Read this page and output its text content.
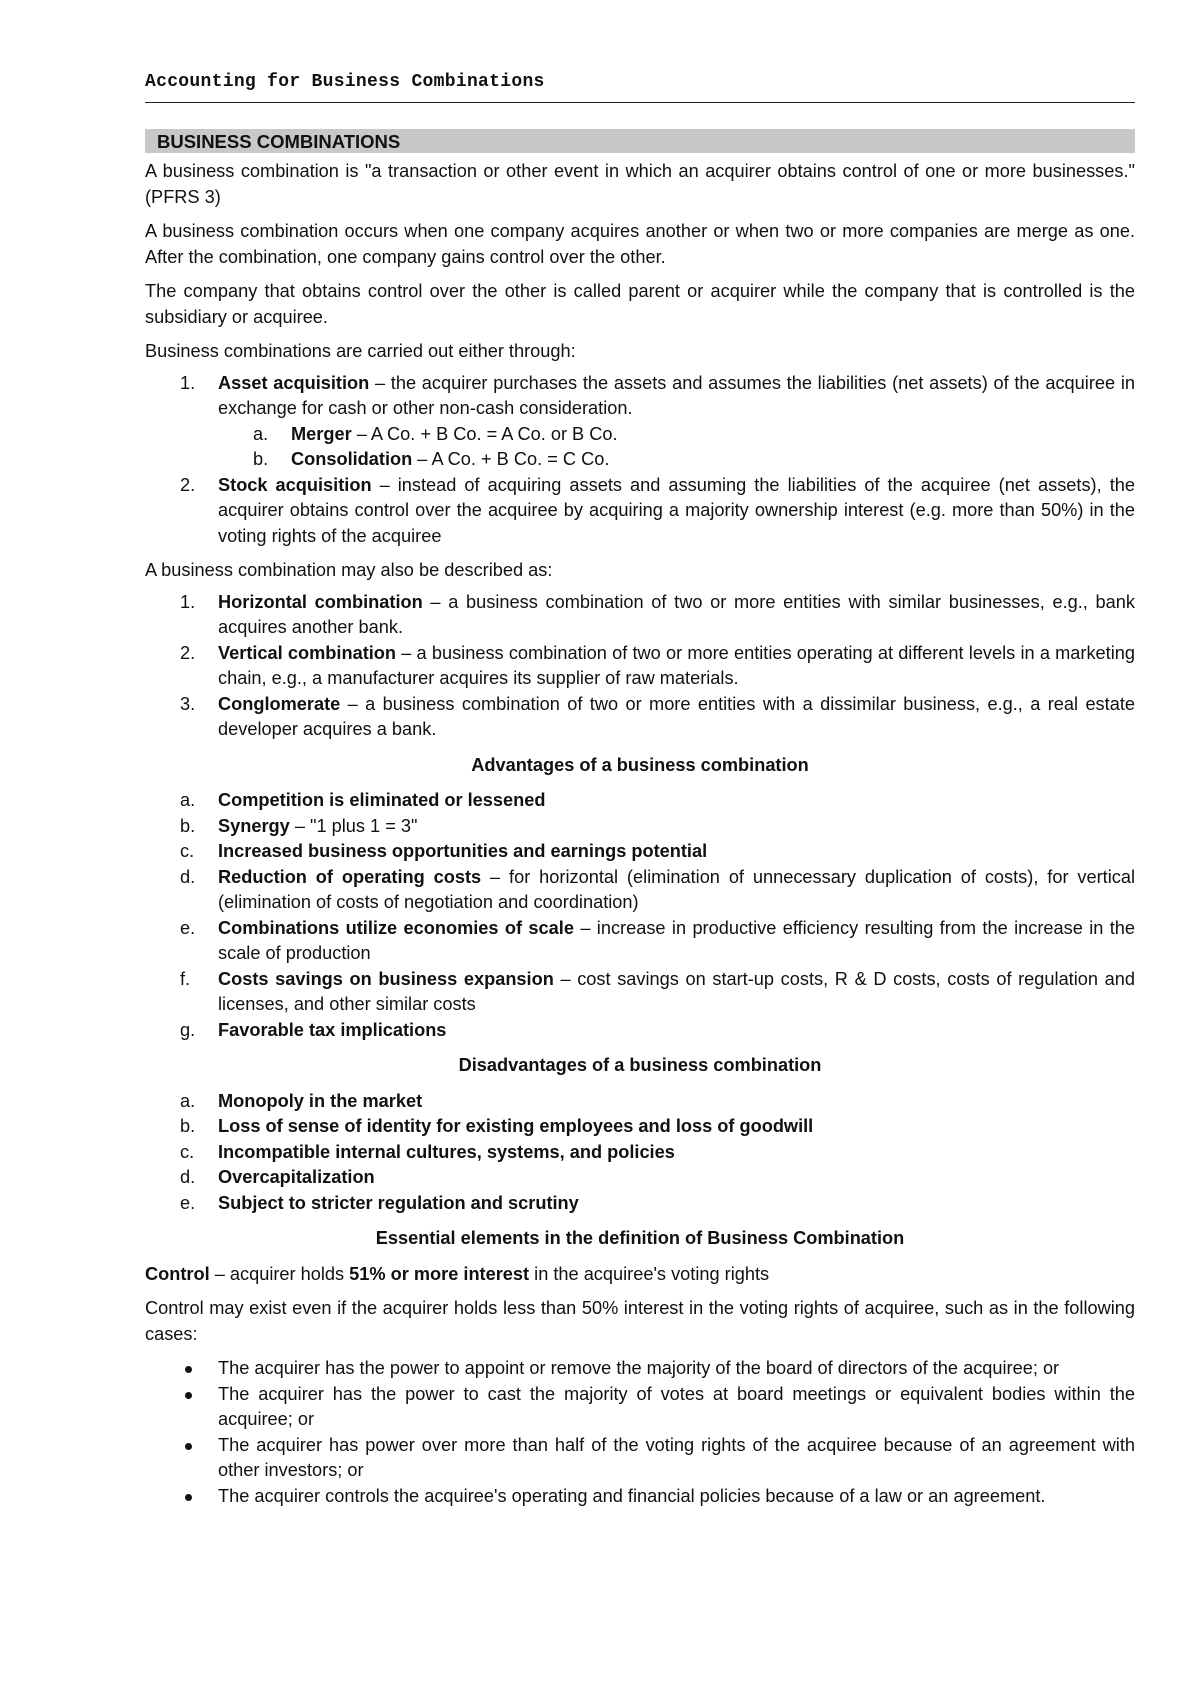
Accounting for Business Combinations
BUSINESS COMBINATIONS

A business combination is "a transaction or other event in which an acquirer obtains control of one or more businesses." (PFRS 3)

A business combination occurs when one company acquires another or when two or more companies are merge as one. After the combination, one company gains control over the other.

The company that obtains control over the other is called parent or acquirer while the company that is controlled is the subsidiary or acquiree.

Business combinations are carried out either through:

1.	Asset acquisition – the acquirer purchases the assets and assumes the liabilities (net assets) of the acquiree in exchange for cash or other non-cash consideration.
a.	Merger – A Co. + B Co. = A Co. or B Co.
b.	Consolidation – A Co. + B Co. = C Co.
2.	Stock acquisition – instead of acquiring assets and assuming the liabilities of the acquiree (net assets), the acquirer obtains control over the acquiree by acquiring a majority ownership interest (e.g. more than 50%) in the voting rights of the acquiree

A business combination may also be described as:

1.	Horizontal combination – a business combination of two or more entities with similar businesses, e.g., bank acquires another bank.
2.	Vertical combination – a business combination of two or more entities operating at different levels in a marketing chain, e.g., a manufacturer acquires its supplier of raw materials.
3.	Conglomerate – a business combination of two or more entities with a dissimilar business, e.g., a real estate developer acquires a bank.
Advantages of a business combination
a.	Competition is eliminated or lessened
b.	Synergy – "1 plus 1 = 3"
c.	Increased business opportunities and earnings potential
d.	Reduction of operating costs – for horizontal (elimination of unnecessary duplication of costs), for vertical (elimination of costs of negotiation and coordination)
e.	Combinations utilize economies of scale – increase in productive efficiency resulting from the increase in the scale of production
f.	Costs savings on business expansion – cost savings on start-up costs, R & D costs, costs of regulation and licenses, and other similar costs
g.	Favorable tax implications
Disadvantages of a business combination
a.	Monopoly in the market
b.	Loss of sense of identity for existing employees and loss of goodwill
c.	Incompatible internal cultures, systems, and policies
d.	Overcapitalization
e.	Subject to stricter regulation and scrutiny
Essential elements in the definition of Business Combination

Control – acquirer holds 51% or more interest in the acquiree's voting rights

Control may exist even if the acquirer holds less than 50% interest in the voting rights of acquiree, such as in the following cases:

The acquirer has the power to appoint or remove the majority of the board of directors of the acquiree; or
The acquirer has the power to cast the majority of votes at board meetings or equivalent bodies within the acquiree; or
The acquirer has power over more than half of the voting rights of the acquiree because of an agreement with other investors; or
The acquirer controls the acquiree's operating and financial policies because of a law or an agreement.
